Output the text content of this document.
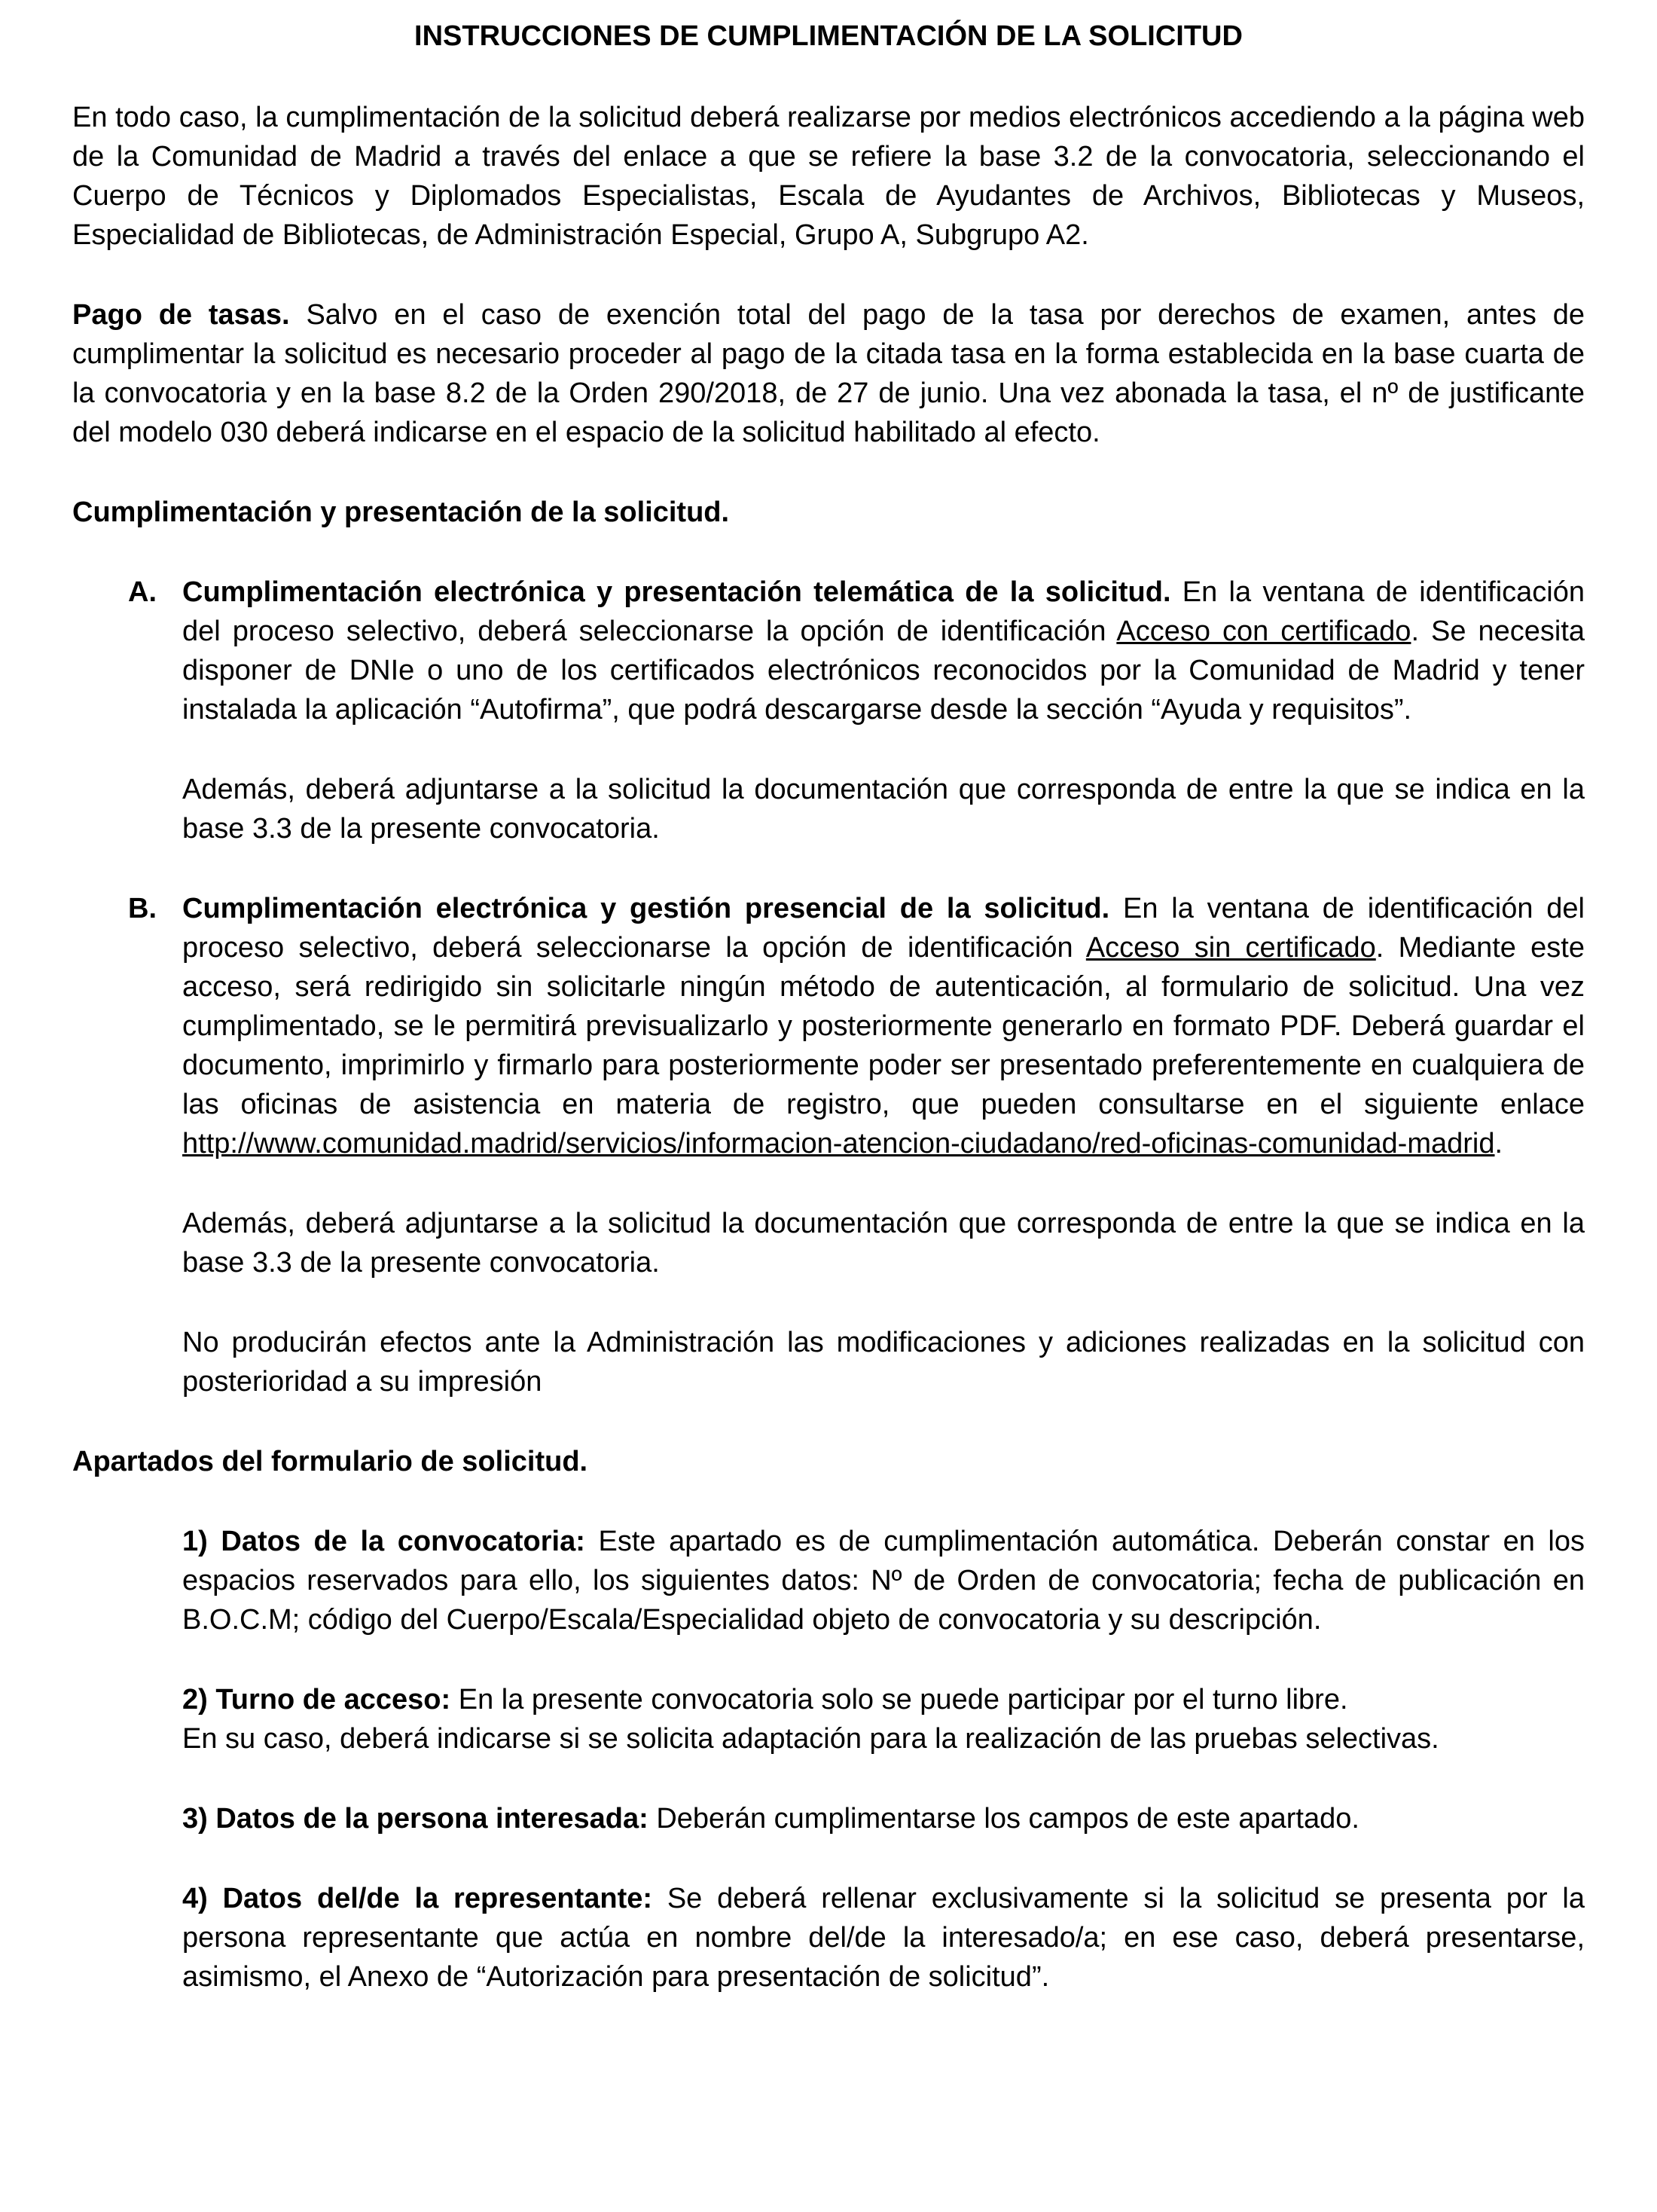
INSTRUCCIONES DE CUMPLIMENTACIÓN DE LA SOLICITUD

En todo caso, la cumplimentación de la solicitud deberá realizarse por medios electrónicos accediendo a la página web de la Comunidad de Madrid a través del enlace a que se refiere la base 3.2 de la convocatoria, seleccionando el Cuerpo de Técnicos y Diplomados Especialistas, Escala de Ayudantes de Archivos, Bibliotecas y Museos, Especialidad de Bibliotecas, de Administración Especial, Grupo A, Subgrupo A2.

Pago de tasas. Salvo en el caso de exención total del pago de la tasa por derechos de examen, antes de cumplimentar la solicitud es necesario proceder al pago de la citada tasa en la forma establecida en la base cuarta de la convocatoria y en la base 8.2 de la Orden 290/2018, de 27 de junio. Una vez abonada la tasa, el nº de justificante del modelo 030 deberá indicarse en el espacio de la solicitud habilitado al efecto.

Cumplimentación y presentación de la solicitud.
A. Cumplimentación electrónica y presentación telemática de la solicitud. En la ventana de identificación del proceso selectivo, deberá seleccionarse la opción de identificación Acceso con certificado. Se necesita disponer de DNIe o uno de los certificados electrónicos reconocidos por la Comunidad de Madrid y tener instalada la aplicación “Autofirma”, que podrá descargarse desde la sección “Ayuda y requisitos”.

Además, deberá adjuntarse a la solicitud la documentación que corresponda de entre la que se indica en la base 3.3 de la presente convocatoria.

B. Cumplimentación electrónica y gestión presencial de la solicitud. En la ventana de identificación del proceso selectivo, deberá seleccionarse la opción de identificación Acceso sin certificado. Mediante este acceso, será redirigido sin solicitarle ningún método de autenticación, al formulario de solicitud. Una vez cumplimentado, se le permitirá previsualizarlo y posteriormente generarlo en formato PDF. Deberá guardar el documento, imprimirlo y firmarlo para posteriormente poder ser presentado preferentemente en cualquiera de las oficinas de asistencia en materia de registro, que pueden consultarse en el siguiente enlace http://www.comunidad.madrid/servicios/informacion-atencion-ciudadano/red-oficinas-comunidad-madrid.

Además, deberá adjuntarse a la solicitud la documentación que corresponda de entre la que se indica en la base 3.3 de la presente convocatoria.

No producirán efectos ante la Administración las modificaciones y adiciones realizadas en la solicitud con posterioridad a su impresión

Apartados del formulario de solicitud.

1) Datos de la convocatoria: Este apartado es de cumplimentación automática. Deberán constar en los espacios reservados para ello, los siguientes datos: Nº de Orden de convocatoria; fecha de publicación en B.O.C.M; código del Cuerpo/Escala/Especialidad objeto de convocatoria y su descripción.

2) Turno de acceso: En la presente convocatoria solo se puede participar por el turno libre.
En su caso, deberá indicarse si se solicita adaptación para la realización de las pruebas selectivas.

3) Datos de la persona interesada: Deberán cumplimentarse los campos de este apartado.

4) Datos del/de la representante: Se deberá rellenar exclusivamente si la solicitud se presenta por la persona representante que actúa en nombre del/de la interesado/a; en ese caso, deberá presentarse, asimismo, el Anexo de “Autorización para presentación de solicitud”.
